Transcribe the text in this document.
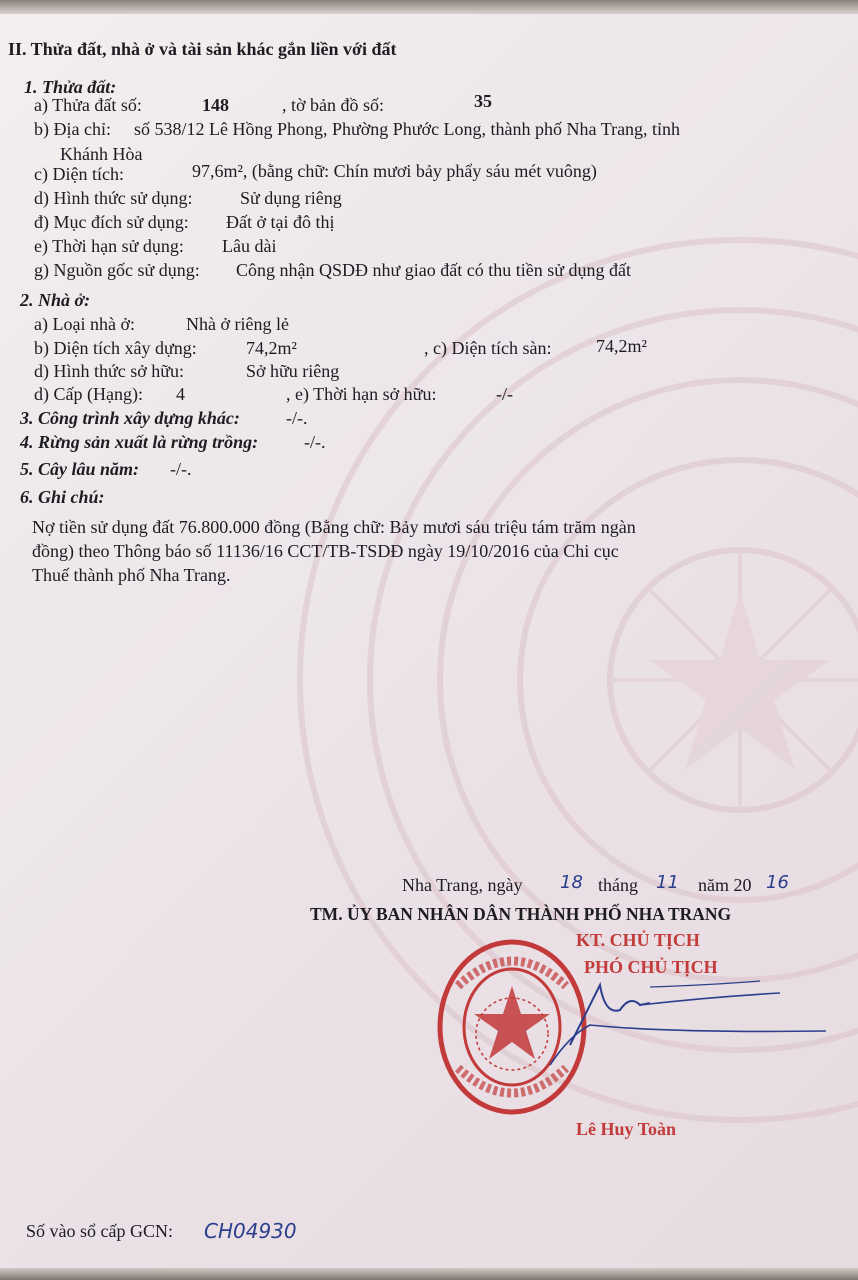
II. Thửa đất, nhà ở và tài sản khác gắn liền với đất
1. Thửa đất:
a) Thửa đất số:	148	, tờ bản đồ số:	35
b) Địa chỉ: số 538/12 Lê Hồng Phong, Phường Phước Long, thành phố Nha Trang, tỉnh
Khánh Hòa
c) Diện tích:	97,6m², (bằng chữ: Chín mươi bảy phẩy sáu mét vuông)
d) Hình thức sử dụng:	Sử dụng riêng
đ) Mục đích sử dụng: Đất ở tại đô thị
e) Thời hạn sử dụng: Lâu dài
g) Nguồn gốc sử dụng: Công nhận QSDĐ như giao đất có thu tiền sử dụng đất
2. Nhà ở:
a) Loại nhà ở:	Nhà ở riêng lẻ
b) Diện tích xây dựng:	74,2m²	, c) Diện tích sàn: 74,2m²
d) Hình thức sở hữu:	Sở hữu riêng
d) Cấp (Hạng): 4	, e) Thời hạn sở hữu:	-/-
3. Công trình xây dựng khác:	-/-.
4. Rừng sản xuất là rừng trồng:	-/-.
5. Cây lâu năm: -/-.
6. Ghi chú:
Nợ tiền sử dụng đất 76.800.000 đồng (Bằng chữ: Bảy mươi sáu triệu tám trăm ngàn
đồng) theo Thông báo số 11136/16 CCT/TB-TSDĐ ngày 19/10/2016 của Chi cục
Thuế thành phố Nha Trang.
Nha Trang, ngày 18 tháng 11 năm 20 16
TM. ỦY BAN NHÂN DÂN THÀNH PHỐ NHA TRANG
KT. CHỦ TỊCH
PHÓ CHỦ TỊCH
Lê Huy Toàn
Số vào sổ cấp GCN: CH04930
